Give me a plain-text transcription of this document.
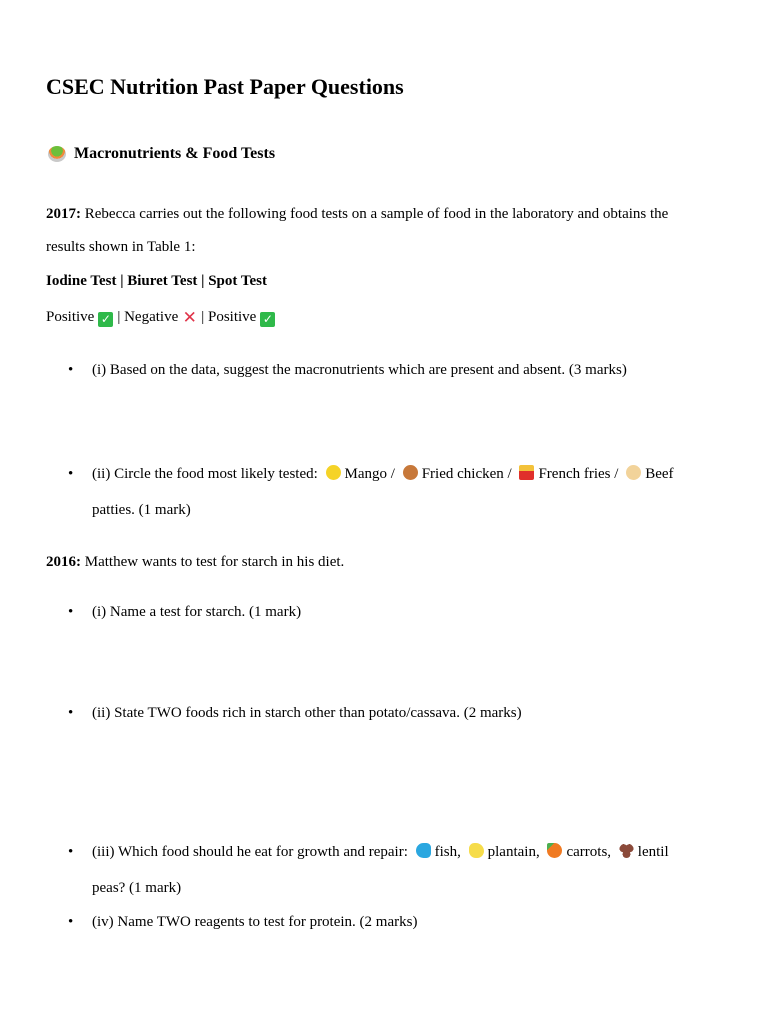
CSEC Nutrition Past Paper Questions
Macronutrients & Food Tests
2017: Rebecca carries out the following food tests on a sample of food in the laboratory and obtains the
results shown in Table 1:
Iodine Test | Biuret Test | Spot Test
Positive ✓ | Negative ✕ | Positive ✓
• (i) Based on the data, suggest the macronutrients which are present and absent. (3 marks)
• (ii) Circle the food most likely tested: Mango / Fried chicken / French fries / Beef
patties. (1 mark)
2016: Matthew wants to test for starch in his diet.
• (i) Name a test for starch. (1 mark)
• (ii) State TWO foods rich in starch other than potato/cassava. (2 marks)
• (iii) Which food should he eat for growth and repair: fish, plantain, carrots, lentil
peas? (1 mark)
• (iv) Name TWO reagents to test for protein. (2 marks)
